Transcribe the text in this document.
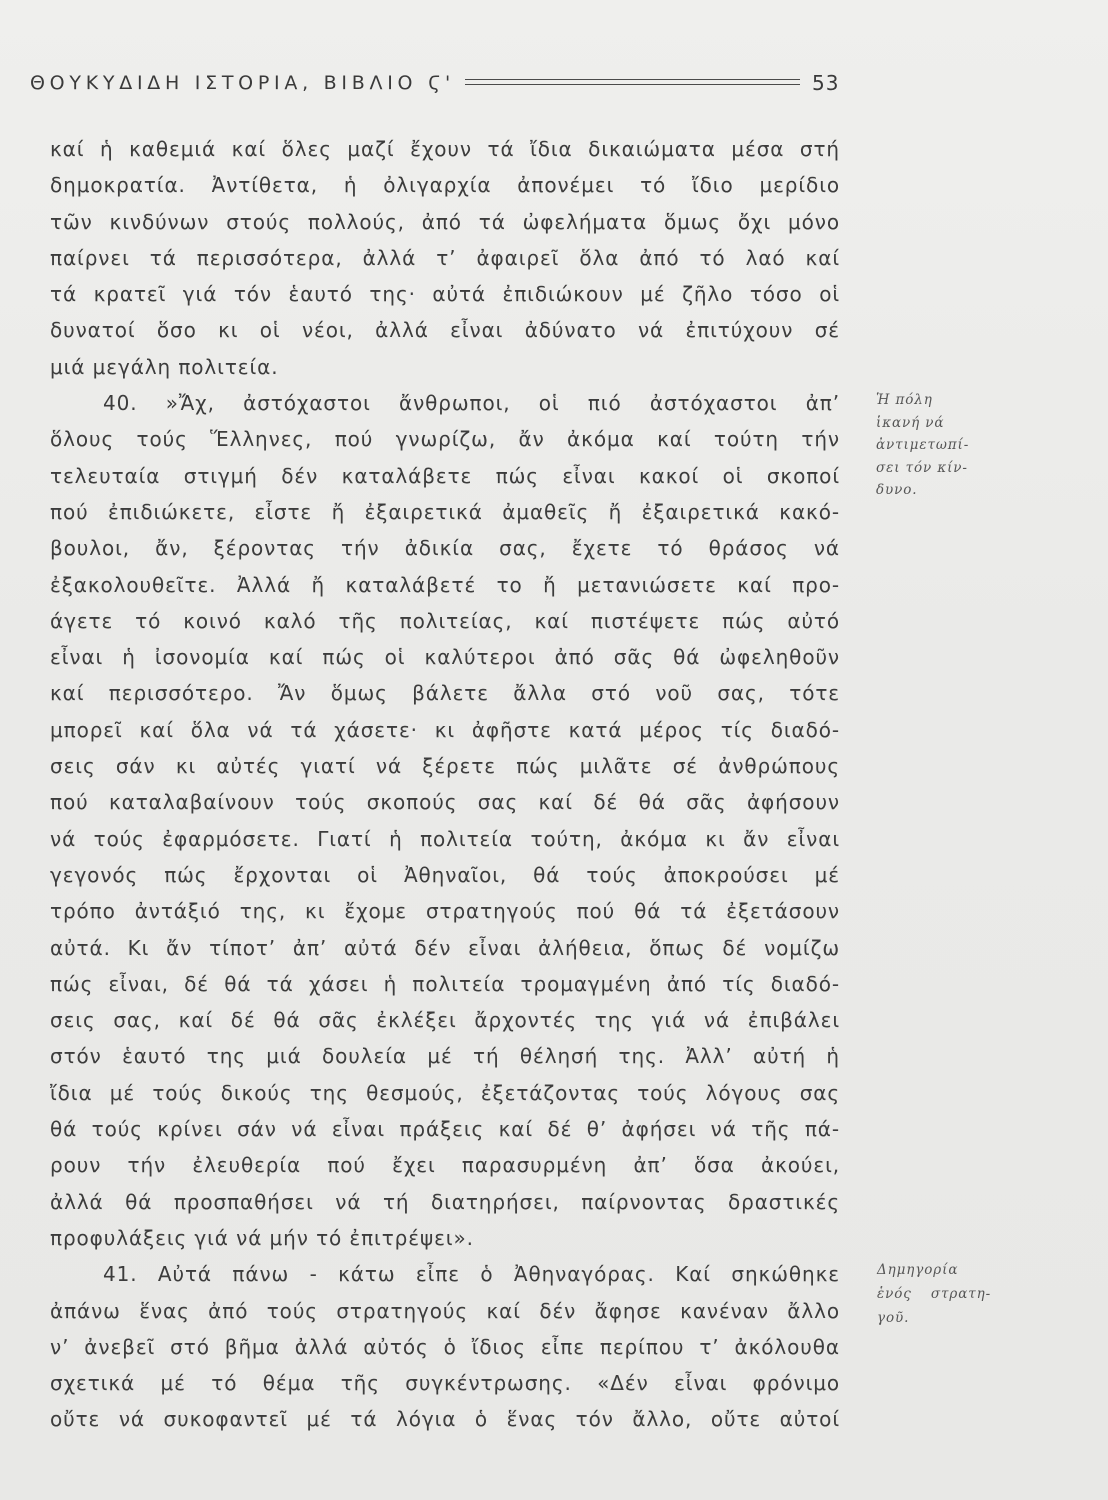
ΘΟΥΚΥΔΙΔΗ ΙΣΤΟΡΙΑ, ΒΙΒΛΙΟ Ϛ'	53
καί ἡ καθεμιά καί ὅλες μαζί ἔχουν τά ἴδια δικαιώματα μέσα στή
δημοκρατία. Ἀντίθετα, ἡ ὀλιγαρχία ἀπονέμει τό ἴδιο μερίδιο
τῶν κινδύνων στούς πολλούς, ἀπό τά ὠφελήματα ὅμως ὄχι μόνο
παίρνει τά περισσότερα, ἀλλά τ’ ἀφαιρεῖ ὅλα ἀπό τό λαό καί
τά κρατεῖ γιά τόν ἑαυτό της· αὐτά ἐπιδιώκουν μέ ζῆλο τόσο οἱ
δυνατοί ὅσο κι οἱ νέοι, ἀλλά εἶναι ἀδύνατο νά ἐπιτύχουν σέ
μιά μεγάλη πολιτεία.
40. »Ἄχ, ἀστόχαστοι ἄνθρωποι, οἱ πιό ἀστόχαστοι ἀπ’
ὅλους τούς Ἕλληνες, πού γνωρίζω, ἄν ἀκόμα καί τούτη τήν
τελευταία στιγμή δέν καταλάβετε πώς εἶναι κακοί οἱ σκοποί
πού ἐπιδιώκετε, εἶστε ἤ ἐξαιρετικά ἀμαθεῖς ἤ ἐξαιρετικά κακό-
βουλοι, ἄν, ξέροντας τήν ἀδικία σας, ἔχετε τό θράσος νά
ἐξακολουθεῖτε. Ἀλλά ἤ καταλάβετέ το ἤ μετανιώσετε καί προ-
άγετε τό κοινό καλό τῆς πολιτείας, καί πιστέψετε πώς αὐτό
εἶναι ἡ ἰσονομία καί πώς οἱ καλύτεροι ἀπό σᾶς θά ὠφεληθοῦν
καί περισσότερο. Ἄν ὅμως βάλετε ἄλλα στό νοῦ σας, τότε
μπορεῖ καί ὅλα νά τά χάσετε· κι ἀφῆστε κατά μέρος τίς διαδό-
σεις σάν κι αὐτές γιατί νά ξέρετε πώς μιλᾶτε σέ ἀνθρώπους
πού καταλαβαίνουν τούς σκοπούς σας καί δέ θά σᾶς ἀφήσουν
νά τούς ἐφαρμόσετε. Γιατί ἡ πολιτεία τούτη, ἀκόμα κι ἄν εἶναι
γεγονός πώς ἔρχονται οἱ Ἀθηναῖοι, θά τούς ἀποκρούσει μέ
τρόπο ἀντάξιό της, κι ἔχομε στρατηγούς πού θά τά ἐξετάσουν
αὐτά. Κι ἄν τίποτ’ ἀπ’ αὐτά δέν εἶναι ἀλήθεια, ὅπως δέ νομίζω
πώς εἶναι, δέ θά τά χάσει ἡ πολιτεία τρομαγμένη ἀπό τίς διαδό-
σεις σας, καί δέ θά σᾶς ἐκλέξει ἄρχοντές της γιά νά ἐπιβάλει
στόν ἑαυτό της μιά δουλεία μέ τή θέλησή της. Ἀλλ’ αὐτή ἡ
ἴδια μέ τούς δικούς της θεσμούς, ἐξετάζοντας τούς λόγους σας
θά τούς κρίνει σάν νά εἶναι πράξεις καί δέ θ’ ἀφήσει νά τῆς πά-
ρουν τήν ἐλευθερία πού ἔχει παρασυρμένη ἀπ’ ὅσα ἀκούει,
ἀλλά θά προσπαθήσει νά τή διατηρήσει, παίρνοντας δραστικές
προφυλάξεις γιά νά μήν τό ἐπιτρέψει».
41. Αὐτά πάνω - κάτω εἶπε ὁ Ἀθηναγόρας. Καί σηκώθηκε
ἀπάνω ἕνας ἀπό τούς στρατηγούς καί δέν ἄφησε κανέναν ἄλλο
ν’ ἀνεβεῖ στό βῆμα ἀλλά αὐτός ὁ ἴδιος εἶπε περίπου τ’ ἀκόλουθα
σχετικά μέ τό θέμα τῆς συγκέντρωσης. «Δέν εἶναι φρόνιμο
οὔτε νά συκοφαντεῖ μέ τά λόγια ὁ ἕνας τόν ἄλλο, οὔτε αὐτοί
Ἡ πόλη
ἱκανή νά
ἀντιμετωπί-
σει τόν κίν-
δυνο.
Δημηγορία
ἑνός στρατη-
γοῦ.
